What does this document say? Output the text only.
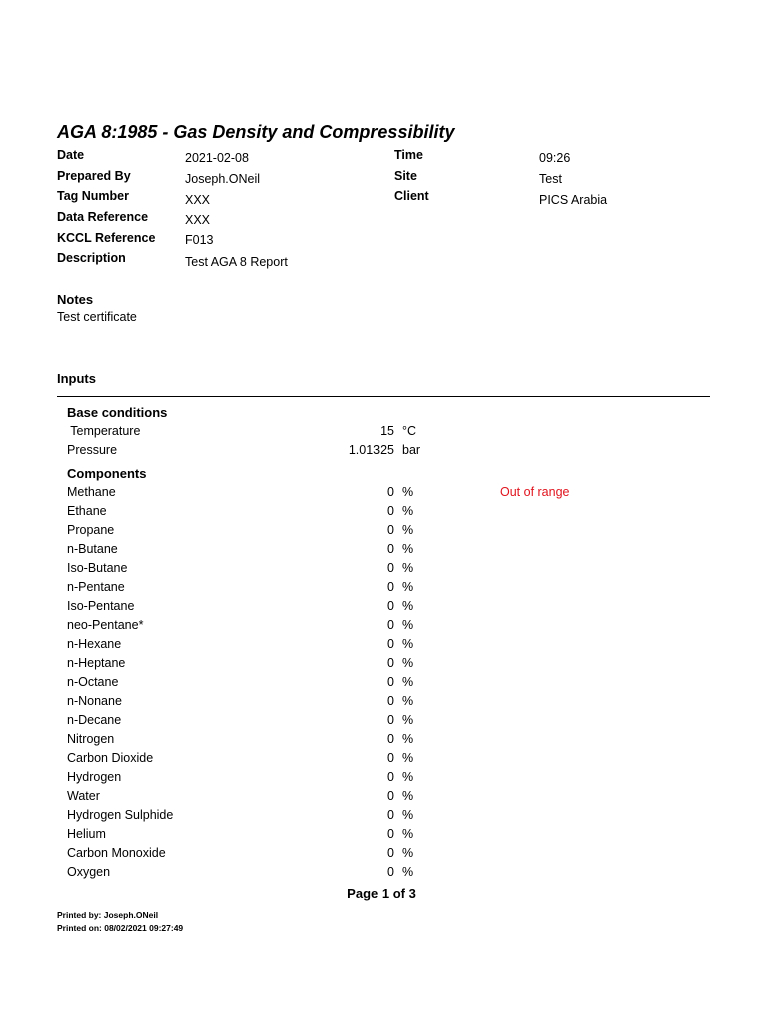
AGA 8:1985 - Gas Density and Compressibility
Date	2021-02-08
Prepared By	Joseph.ONeil
Tag Number	XXX
Data Reference	XXX
KCCL Reference F013
Description	Test AGA 8 Report
Time	09:26
Site	Test
Client	PICS Arabia
Notes
Test certificate
Inputs
Base conditions
Temperature	15 °C
Pressure	1.01325 bar
Components
Methane	0 %	Out of range
Ethane	0 %
Propane	0 %
n-Butane	0 %
Iso-Butane	0 %
n-Pentane	0 %
Iso-Pentane	0 %
neo-Pentane*	0 %
n-Hexane	0 %
n-Heptane	0 %
n-Octane	0 %
n-Nonane	0 %
n-Decane	0 %
Nitrogen	0 %
Carbon Dioxide	0 %
Hydrogen	0 %
Water	0 %
Hydrogen Sulphide	0 %
Helium	0 %
Carbon Monoxide	0 %
Oxygen	0 %
Page 1 of 3
Printed by: Joseph.ONeil
Printed on: 08/02/2021 09:27:49
